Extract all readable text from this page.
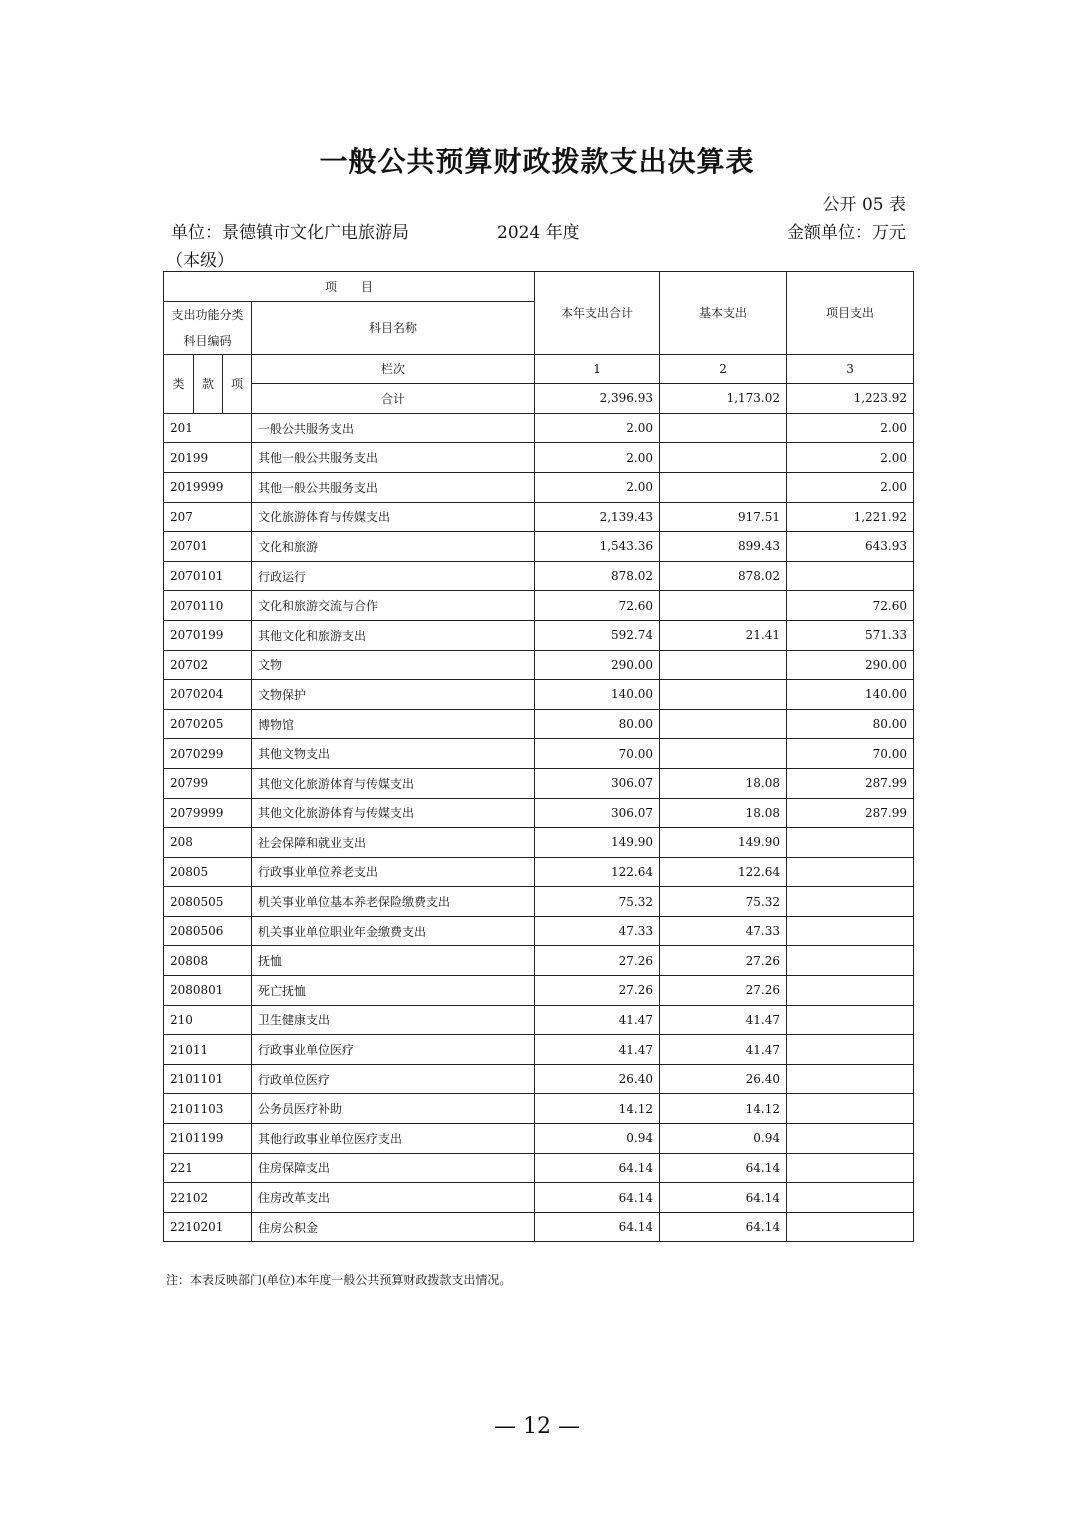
一般公共预算财政拨款支出决算表
公开 05 表
单位：景德镇市文化广电旅游局	2024 年度	金额单位：万元
（本级）
项　　目				本年支出合计	基本支出	项目支出

支出功能分类
科目编码			科目名称			
类	款	项	栏次	1	2	3
			合计	2,396.93	1,173.02	1,223.92
201			一般公共服务支出	2.00		2.00
20199			其他一般公共服务支出	2.00		2.00
2019999			其他一般公共服务支出	2.00		2.00
207			文化旅游体育与传媒支出	2,139.43	917.51	1,221.92
20701			文化和旅游	1,543.36	899.43	643.93
2070101			行政运行	878.02	878.02	
2070110			文化和旅游交流与合作	72.60		72.60
2070199			其他文化和旅游支出	592.74	21.41	571.33
20702			文物	290.00		290.00
2070204			文物保护	140.00		140.00
2070205			博物馆	80.00		80.00
2070299			其他文物支出	70.00		70.00
20799			其他文化旅游体育与传媒支出	306.07	18.08	287.99
2079999			其他文化旅游体育与传媒支出	306.07	18.08	287.99
208			社会保障和就业支出	149.90	149.90	
20805			行政事业单位养老支出	122.64	122.64	
2080505			机关事业单位基本养老保险缴费支出	75.32	75.32	
2080506			机关事业单位职业年金缴费支出	47.33	47.33	
20808			抚恤	27.26	27.26	
2080801			死亡抚恤	27.26	27.26	
210			卫生健康支出	41.47	41.47	
21011			行政事业单位医疗	41.47	41.47	
2101101			行政单位医疗	26.40	26.40	
2101103			公务员医疗补助	14.12	14.12	
2101199			其他行政事业单位医疗支出	0.94	0.94	
221			住房保障支出	64.14	64.14	
22102			住房改革支出	64.14	64.14	
2210201			住房公积金	64.14	64.14	
注：本表反映部门(单位)本年度一般公共预算财政拨款支出情况。
— 12 —
